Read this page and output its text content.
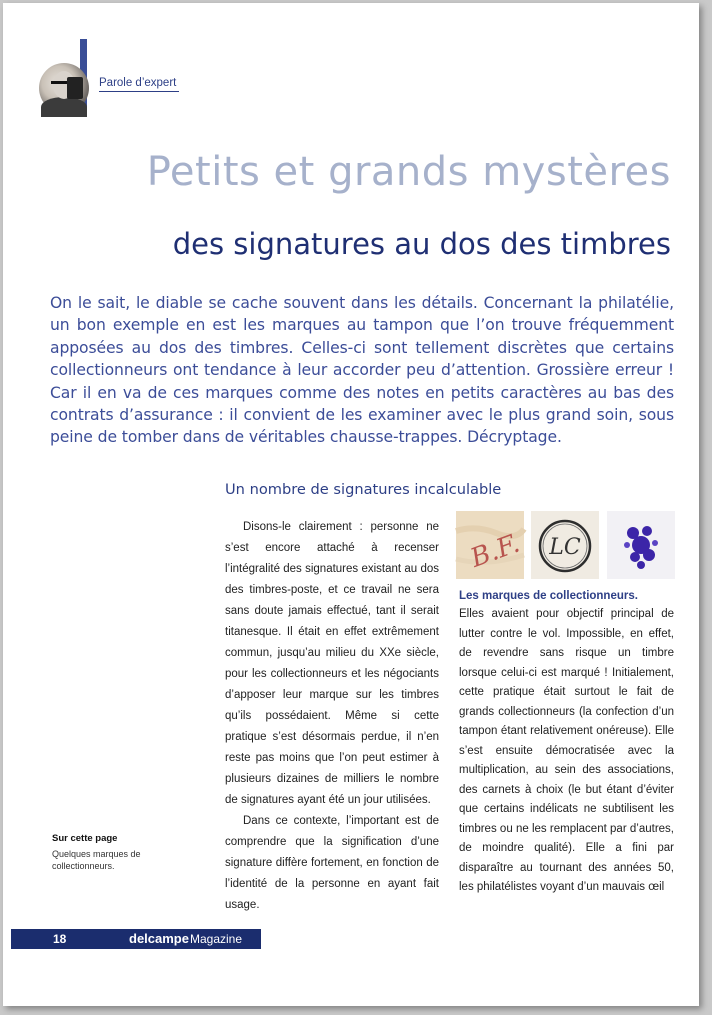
Parole d’expert
Petits et grands mystères
des signatures au dos des timbres
On le sait, le diable se cache souvent dans les détails. Concernant la philatélie, un bon exemple en est les marques au tampon que l’on trouve fréquemment apposées au dos des timbres. Celles-ci sont tellement discrètes que certains collectionneurs ont tendance à leur accorder peu d’attention. Grossière erreur ! Car il en va de ces marques comme des notes en petits caractères au bas des contrats d’assurance : il convient de les examiner avec le plus grand soin, sous peine de tomber dans de véritables chausse-trappes. Décryptage.
Un nombre de signatures incalculable

Disons-le clairement : personne ne s’est encore attaché à recenser l’intégralité des signatures existant au dos des timbres-poste, et ce travail ne sera sans doute jamais effectué, tant il serait titanesque. Il était en effet extrêmement commun, jusqu’au milieu du XXe siècle, pour les collectionneurs et les négociants d’apposer leur marque sur les timbres qu’ils possédaient. Même si cette pratique s’est désormais perdue, il n’en reste pas moins que l’on peut estimer à plusieurs dizaines de milliers le nombre de signatures ayant été un jour utilisées.

Dans ce contexte, l’important est de comprendre que la signification d’une signature diffère fortement, en fonction de l’identité de la personne en ayant fait usage.

B.F. LC
Les marques de collectionneurs.
Elles avaient pour objectif principal de lutter contre le vol. Impossible, en effet, de revendre sans risque un timbre lorsque celui-ci est marqué ! Initialement, cette pratique était surtout le fait de grands collectionneurs (la confection d’un tampon étant relativement onéreuse). Elle s’est ensuite démocratisée avec la multiplication, au sein des associations, des carnets à choix (le but étant d’éviter que certains indélicats ne subtilisent les timbres ou ne les remplacent par d’autres, de moindre qualité). Elle a fini par disparaître au tournant des années 50, les philatélistes voyant d’un mauvais œil
Sur cette page
Quelques marques de collectionneurs.
18	delcampe Magazine
